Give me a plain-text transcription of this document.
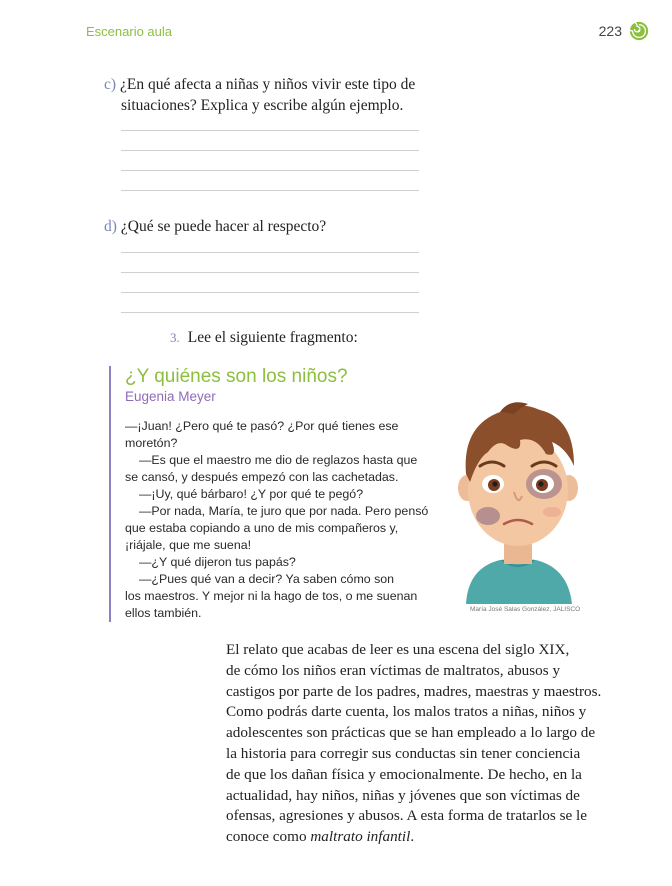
Escenario aula	223
c) ¿En qué afecta a niñas y niños vivir este tipo de
situaciones? Explica y escribe algún ejemplo.
d) ¿Qué se puede hacer al respecto?
3. Lee el siguiente fragmento:
¿Y quiénes son los niños?
Eugenia Meyer

—¡Juan! ¿Pero qué te pasó? ¿Por qué tienes ese

moretón?

—Es que el maestro me dio de reglazos hasta que

se cansó, y después empezó con las cachetadas.

—¡Uy, qué bárbaro! ¿Y por qué te pegó?

—Por nada, María, te juro que por nada. Pero pensó

que estaba copiando a uno de mis compañeros y,

¡riájale, que me suena!

—¿Y qué dijeron tus papás?

—¿Pues qué van a decir? Ya saben cómo son

los maestros. Y mejor ni la hago de tos, o me suenan

ellos también.	María José Salas González, JALISCO
El relato que acabas de leer es una escena del siglo XIX,
de cómo los niños eran víctimas de maltratos, abusos y
castigos por parte de los padres, madres, maestras y maestros.
Como podrás darte cuenta, los malos tratos a niñas, niños y
adolescentes son prácticas que se han empleado a lo largo de
la historia para corregir sus conductas sin tener conciencia
de que los dañan física y emocionalmente. De hecho, en la
actualidad, hay niños, niñas y jóvenes que son víctimas de
ofensas, agresiones y abusos. A esta forma de tratarlos se le
conoce como maltrato infantil.
